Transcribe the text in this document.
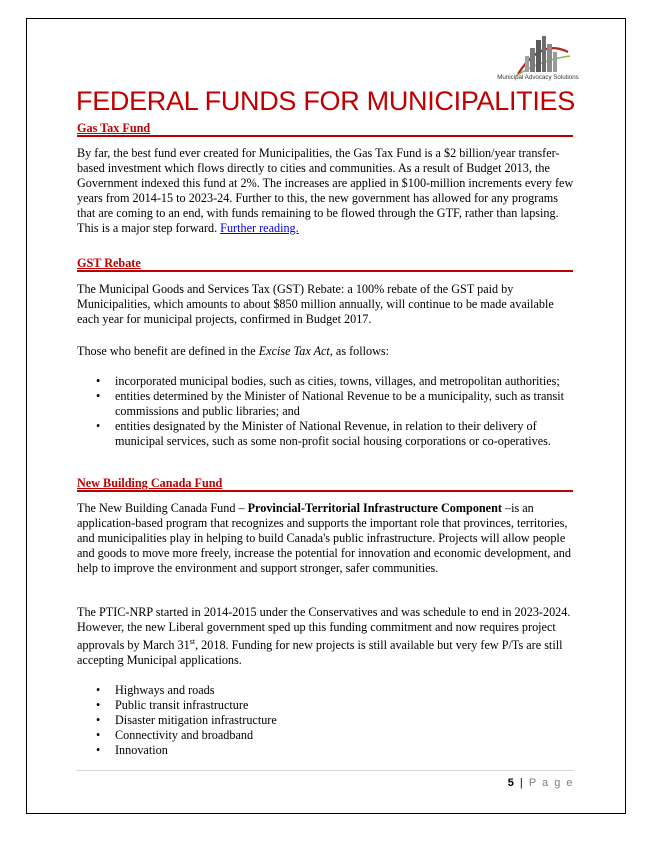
Municipal Advocacy Solutions
FEDERAL FUNDS FOR MUNICIPALITIES
Gas Tax Fund

By far, the best fund ever created for Municipalities, the Gas Tax Fund is a $2 billion/year transfer-based investment which flows directly to cities and communities. As a result of Budget 2013, the Government indexed this fund at 2%. The increases are applied in $100-million increments every few years from 2014-15 to 2023-24. Further to this, the new government has allowed for any programs that are coming to an end, with funds remaining to be flowed through the GTF, rather than lapsing. This is a major step forward. Further reading.

GST Rebate

The Municipal Goods and Services Tax (GST) Rebate: a 100% rebate of the GST paid by Municipalities, which amounts to about $850 million annually, will continue to be made available each year for municipal projects, confirmed in Budget 2017.

Those who benefit are defined in the Excise Tax Act, as follows:

• incorporated municipal bodies, such as cities, towns, villages, and metropolitan authorities;
• entities determined by the Minister of National Revenue to be a municipality, such as transit commissions and public libraries; and
• entities designated by the Minister of National Revenue, in relation to their delivery of municipal services, such as some non-profit social housing corporations or co-operatives.
New Building Canada Fund

The New Building Canada Fund – Provincial-Territorial Infrastructure Component –is an application-based program that recognizes and supports the important role that provinces, territories, and municipalities play in helping to build Canada's public infrastructure. Projects will allow people and goods to move more freely, increase the potential for innovation and economic development, and help to improve the environment and support stronger, safer communities.

The PTIC-NRP started in 2014-2015 under the Conservatives and was schedule to end in 2023-2024. However, the new Liberal government sped up this funding commitment and now requires project approvals by March 31st, 2018. Funding for new projects is still available but very few P/Ts are still accepting Municipal applications.

• Highways and roads
• Public transit infrastructure
• Disaster mitigation infrastructure
• Connectivity and broadband
• Innovation
5 | P a g e
